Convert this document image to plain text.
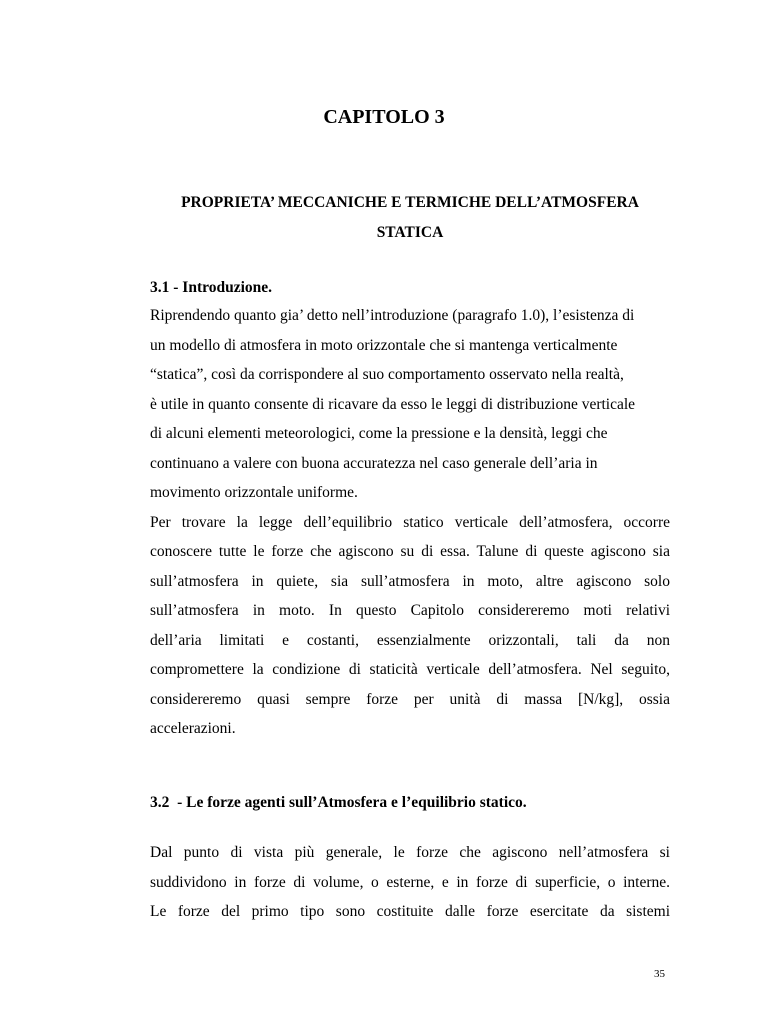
CAPITOLO 3
PROPRIETA’ MECCANICHE E TERMICHE DELL’ATMOSFERA
STATICA
3.1 - Introduzione.
Riprendendo quanto gia’ detto nell’introduzione (paragrafo 1.0), l’esistenza di
un modello di atmosfera in moto orizzontale che si mantenga verticalmente
“statica”, così da corrispondere al suo comportamento osservato nella realtà,
è utile in quanto consente di ricavare da esso le leggi di distribuzione verticale
di alcuni elementi meteorologici, come la pressione e la densità, leggi che
continuano a valere con buona accuratezza nel caso generale dell’aria in
movimento orizzontale uniforme.
Per trovare la legge dell’equilibrio statico verticale dell’atmosfera, occorre
conoscere tutte le forze che agiscono su di essa. Talune di queste agiscono sia
sull’atmosfera in quiete, sia sull’atmosfera in moto, altre agiscono solo
sull’atmosfera in moto. In questo Capitolo considereremo moti relativi
dell’aria limitati e costanti, essenzialmente orizzontali, tali da non
compromettere la condizione di staticità verticale dell’atmosfera. Nel seguito,
considereremo quasi sempre forze per unità di massa [N/kg], ossia
accelerazioni.
3.2  - Le forze agenti sull’Atmosfera e l’equilibrio statico.
Dal punto di vista più generale, le forze che agiscono nell’atmosfera si
suddividono in forze di volume, o esterne, e in forze di superficie, o interne.
Le forze del primo tipo sono costituite dalle forze esercitate da sistemi
35
